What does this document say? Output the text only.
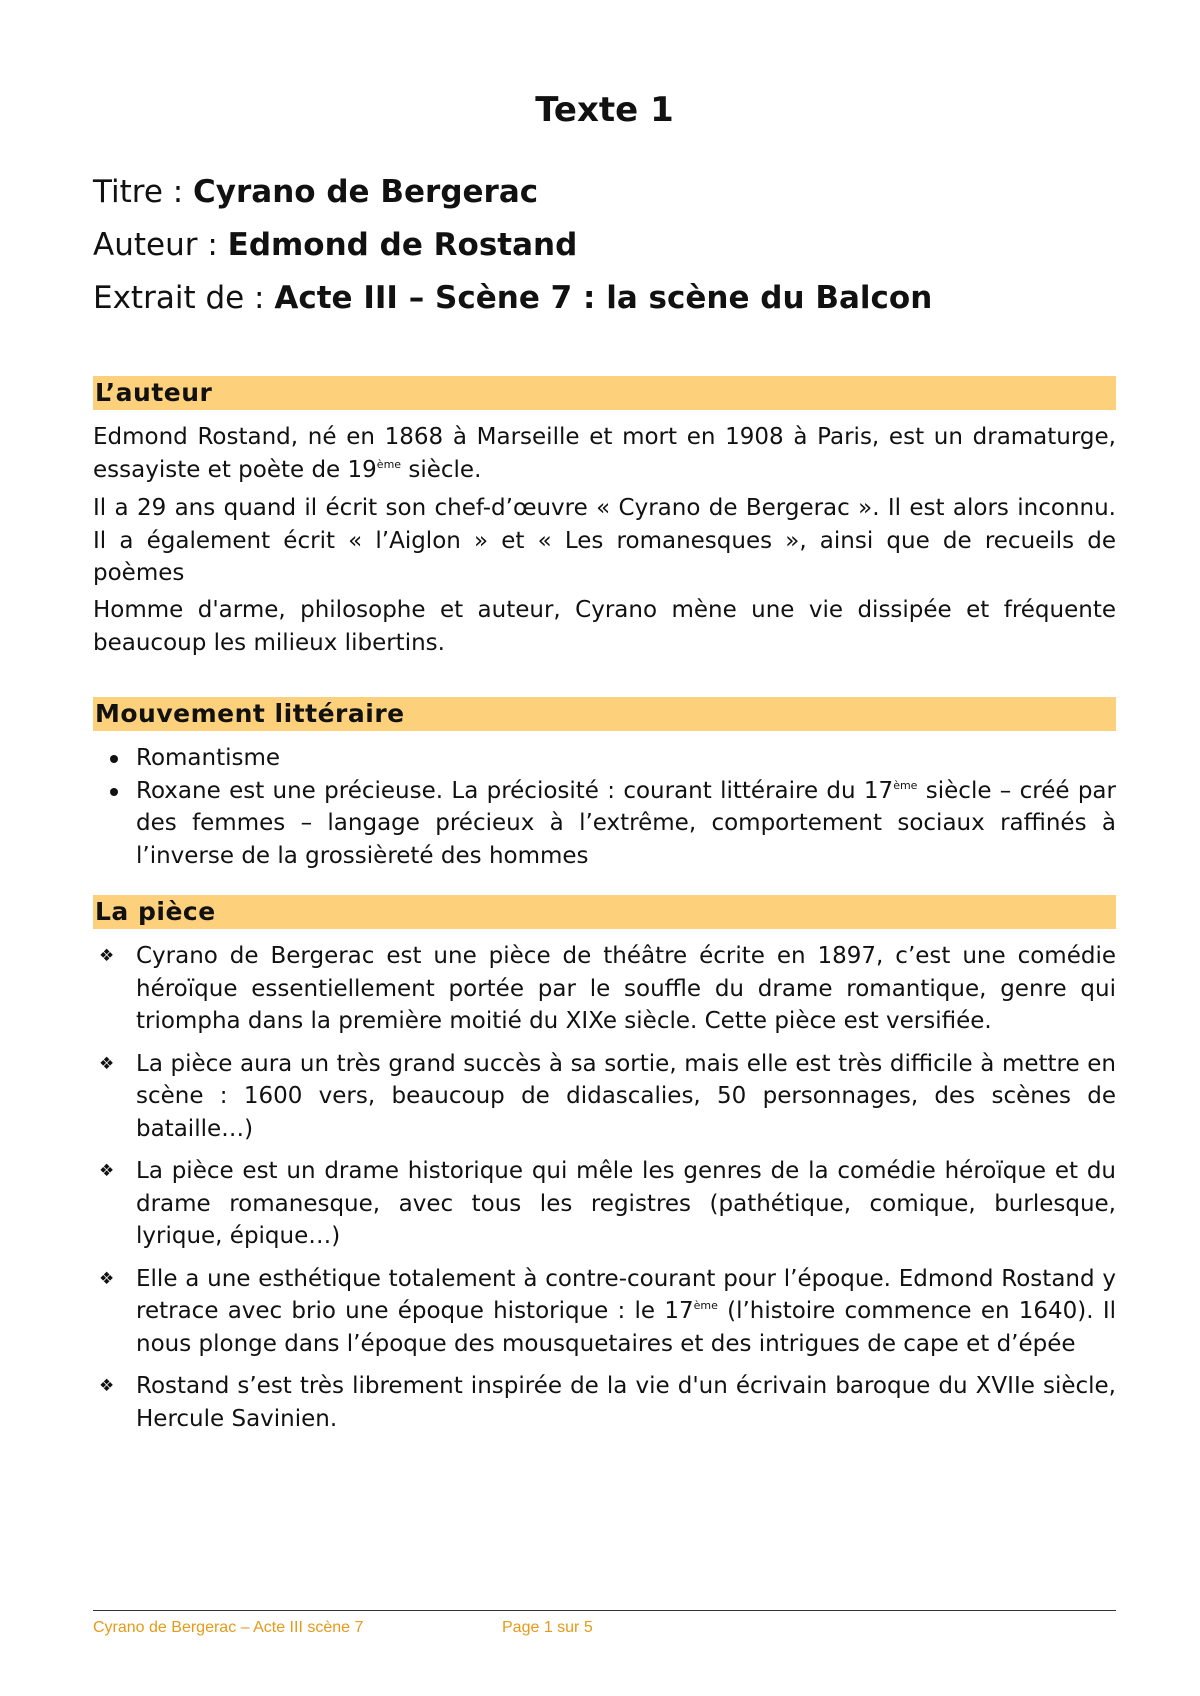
Texte 1
Titre : Cyrano de Bergerac
Auteur : Edmond de Rostand
Extrait de : Acte III – Scène 7 : la scène du Balcon
L’auteur
Edmond Rostand, né en 1868 à Marseille et mort en 1908 à Paris, est un dramaturge, essayiste et poète de 19ème siècle.
Il a 29 ans quand il écrit son chef-d’œuvre « Cyrano de Bergerac ». Il est alors inconnu. Il a également écrit « l’Aiglon » et « Les romanesques », ainsi que de recueils de poèmes
Homme d'arme, philosophe et auteur, Cyrano mène une vie dissipée et fréquente beaucoup les milieux libertins.
Mouvement littéraire
Romantisme
Roxane est une précieuse. La préciosité : courant littéraire du 17ème siècle – créé par des femmes – langage précieux à l’extrême, comportement sociaux raffinés à l’inverse de la grossièreté des hommes
La pièce
❖ Cyrano de Bergerac est une pièce de théâtre écrite en 1897, c’est une comédie héroïque essentiellement portée par le souffle du drame romantique, genre qui triompha dans la première moitié du XIXe siècle. Cette pièce est versifiée.
❖ La pièce aura un très grand succès à sa sortie, mais elle est très difficile à mettre en scène : 1600 vers, beaucoup de didascalies, 50 personnages, des scènes de bataille…)
❖ La pièce est un drame historique qui mêle les genres de la comédie héroïque et du drame romanesque, avec tous les registres (pathétique, comique, burlesque, lyrique, épique…)
❖ Elle a une esthétique totalement à contre-courant pour l’époque. Edmond Rostand y retrace avec brio une époque historique : le 17ème (l’histoire commence en 1640). Il nous plonge dans l’époque des mousquetaires et des intrigues de cape et d’épée
❖ Rostand s’est très librement inspirée de la vie d'un écrivain baroque du XVIIe siècle, Hercule Savinien.
Cyrano de Bergerac – Acte III scène 7	Page 1 sur 5
